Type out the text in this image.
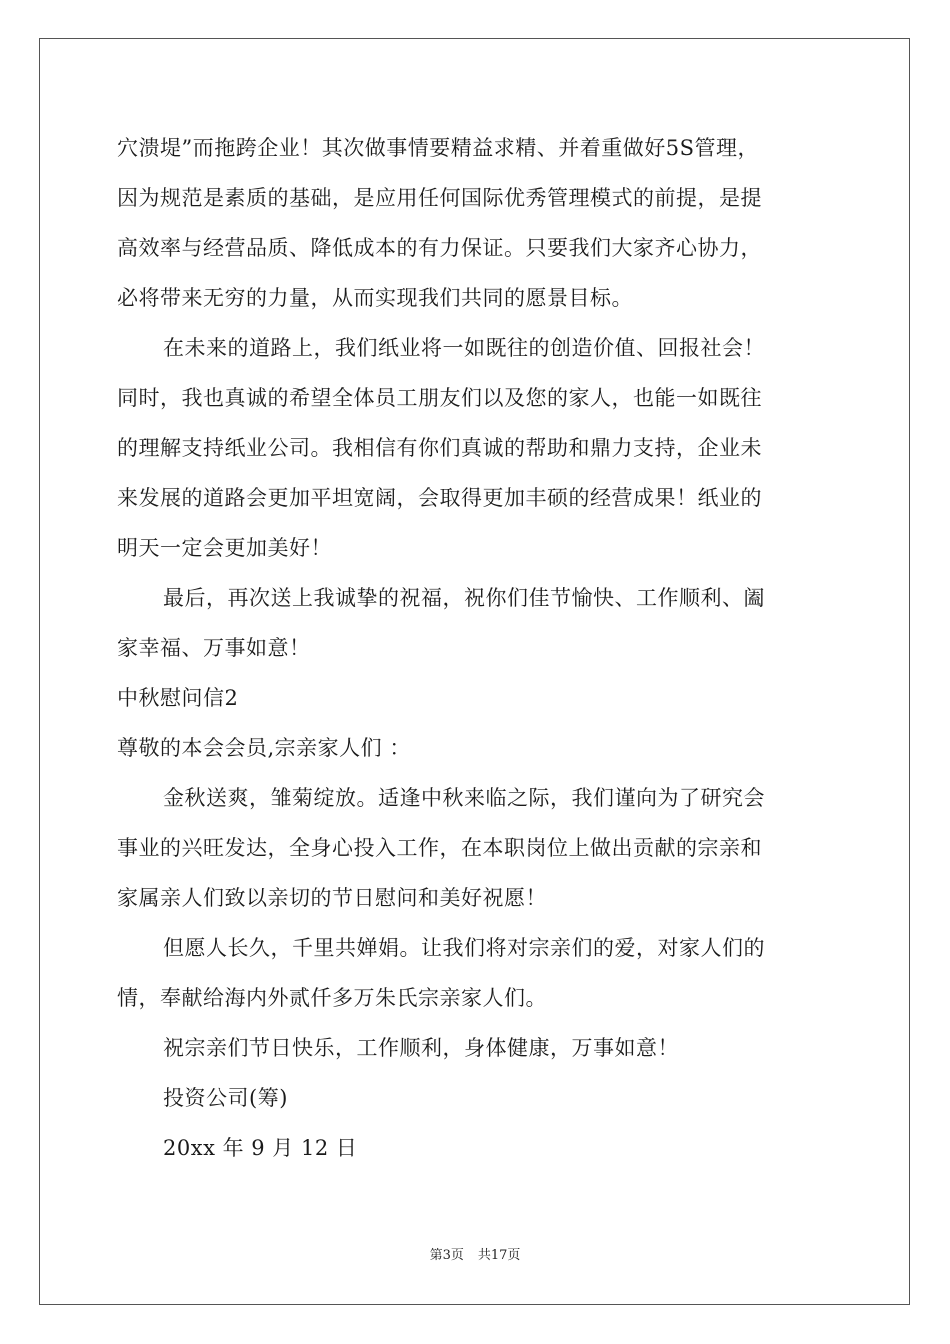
穴溃堤”而拖跨企业！其次做事情要精益求精、并着重做好5S管理，
因为规范是素质的基础，是应用任何国际优秀管理模式的前提，是提
高效率与经营品质、降低成本的有力保证。只要我们大家齐心协力，
必将带来无穷的力量，从而实现我们共同的愿景目标。
在未来的道路上，我们纸业将一如既往的创造价值、回报社会！
同时，我也真诚的希望全体员工朋友们以及您的家人，也能一如既往
的理解支持纸业公司。我相信有你们真诚的帮助和鼎力支持，企业未
来发展的道路会更加平坦宽阔，会取得更加丰硕的经营成果！纸业的
明天一定会更加美好！
最后，再次送上我诚挚的祝福，祝你们佳节愉快、工作顺利、阖
家幸福、万事如意！
中秋慰问信2
尊敬的本会会员,宗亲家人们 ：
金秋送爽，雏菊绽放。适逢中秋来临之际，我们谨向为了研究会
事业的兴旺发达，全身心投入工作，在本职岗位上做出贡献的宗亲和
家属亲人们致以亲切的节日慰问和美好祝愿！
但愿人长久，千里共婵娟。让我们将对宗亲们的爱，对家人们的
情，奉献给海内外贰仟多万朱氏宗亲家人们。
祝宗亲们节日快乐，工作顺利，身体健康，万事如意！
投资公司(筹)
20xx 年 9 月 12 日
第3页 共17页
